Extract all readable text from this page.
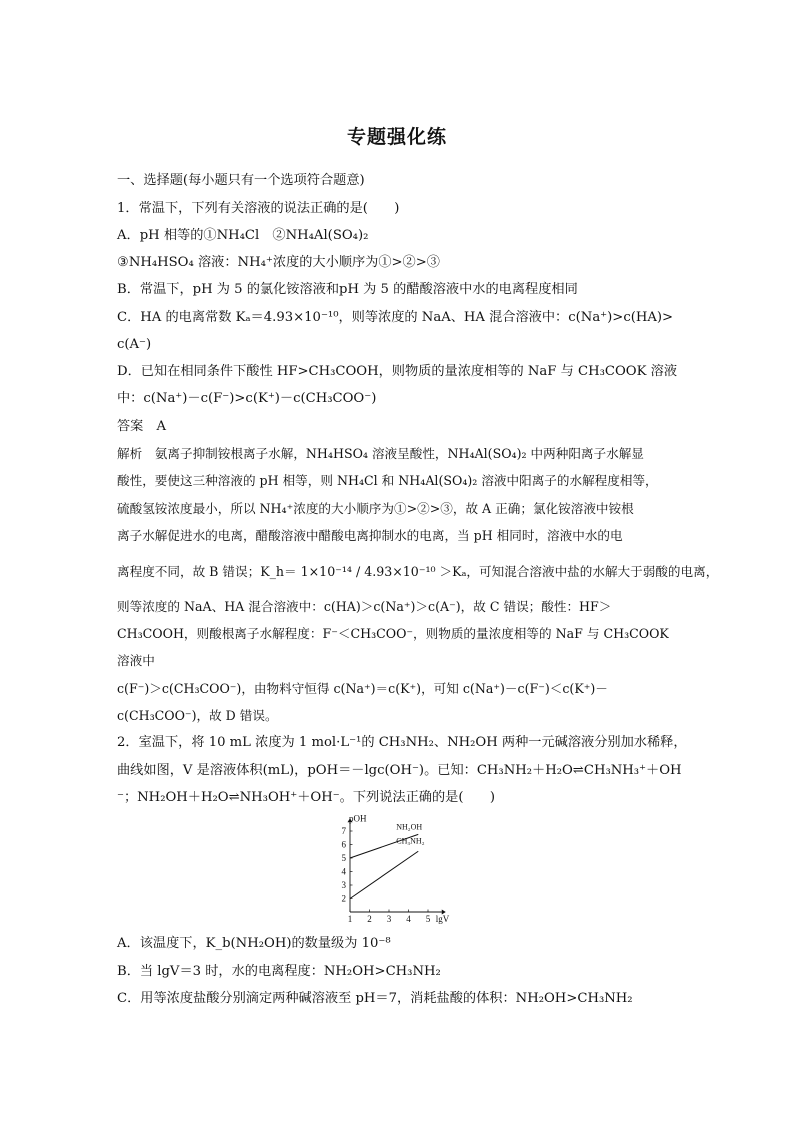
专题强化练
一、选择题(每小题只有一个选项符合题意)
1．常温下，下列有关溶液的说法正确的是(　　)
A．pH 相等的①NH₄Cl　②NH₄Al(SO₄)₂
③NH₄HSO₄ 溶液：NH₄⁺浓度的大小顺序为①>②>③
B．常温下，pH 为 5 的氯化铵溶液和pH 为 5 的醋酸溶液中水的电离程度相同
C．HA 的电离常数 Kₐ＝4.93×10⁻¹⁰，则等浓度的 NaA、HA 混合溶液中：c(Na⁺)>c(HA)>
c(A⁻)
D．已知在相同条件下酸性 HF>CH₃COOH，则物质的量浓度相等的 NaF 与 CH₃COOK 溶液
中：c(Na⁺)－c(F⁻)>c(K⁺)－c(CH₃COO⁻)
答案　A
解析　氨离子抑制铵根离子水解，NH₄HSO₄ 溶液呈酸性，NH₄Al(SO₄)₂ 中两种阳离子水解显
酸性，要使这三种溶液的 pH 相等，则 NH₄Cl 和 NH₄Al(SO₄)₂ 溶液中阳离子的水解程度相等，
硫酸氢铵浓度最小，所以 NH₄⁺浓度的大小顺序为①>②>③，故 A 正确；氯化铵溶液中铵根
离子水解促进水的电离，醋酸溶液中醋酸电离抑制水的电离，当 pH 相同时，溶液中水的电
离程度不同，故 B 错误；K_h＝ 1×10⁻¹⁴ / 4.93×10⁻¹⁰ ＞Kₐ，可知混合溶液中盐的水解大于弱酸的电离，
则等浓度的 NaA、HA 混合溶液中：c(HA)＞c(Na⁺)＞c(A⁻)，故 C 错误；酸性：HF＞
CH₃COOH，则酸根离子水解程度：F⁻＜CH₃COO⁻，则物质的量浓度相等的 NaF 与 CH₃COOK
溶液中
c(F⁻)＞c(CH₃COO⁻)，由物料守恒得 c(Na⁺)＝c(K⁺)，可知 c(Na⁺)－c(F⁻)＜c(K⁺)－
c(CH₃COO⁻)，故 D 错误。
2．室温下，将 10 mL 浓度为 1 mol·L⁻¹的 CH₃NH₂、NH₂OH 两种一元碱溶液分别加水稀释，
曲线如图，V 是溶液体积(mL)，pOH＝－lgc(OH⁻)。已知：CH₃NH₂＋H₂O⇌CH₃NH₃⁺＋OH
⁻；NH₂OH＋H₂O⇌NH₃OH⁺＋OH⁻。下列说法正确的是(　　)
1 2 3 4 5
2
3
4
5
6
7
pOH
lgV
NH₂OH
CH₃NH₂
A．该温度下，K_b(NH₂OH)的数量级为 10⁻⁸
B．当 lgV＝3 时，水的电离程度：NH₂OH>CH₃NH₂
C．用等浓度盐酸分别滴定两种碱溶液至 pH＝7，消耗盐酸的体积：NH₂OH>CH₃NH₂
